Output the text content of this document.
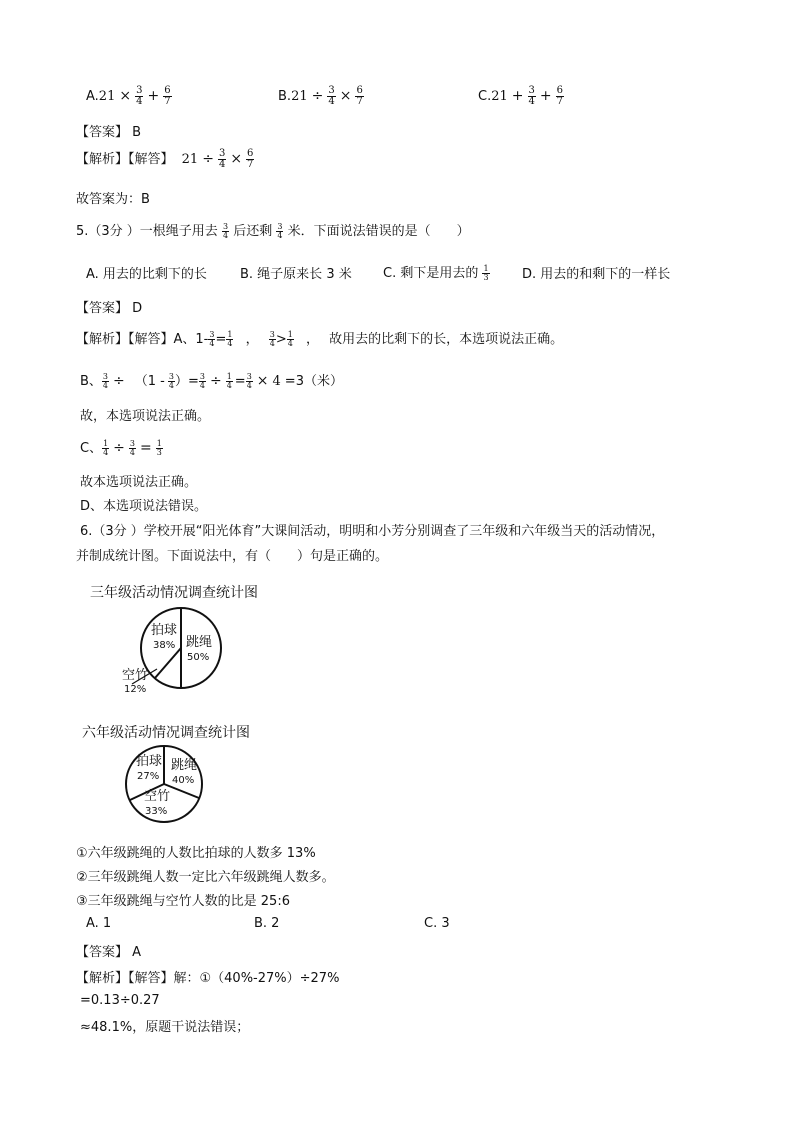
$A.21 \times \frac{3}{4} + \frac{6}{7}$	$B.21 \div \frac{3}{4} \times \frac{6}{7}$	$C.21 + \frac{3}{4} + \frac{6}{7}$
【答案】 B
【解析】【解答】 $21 \div \frac{3}{4} \times \frac{6}{7}$
故答案为：B
5.（3分 ）一根绳子用去 $\frac{3}{4}$ 后还剩 $\frac{3}{4}$ 米．下面说法错误的是（　　）
A. 用去的比剩下的长	B. 绳子原来长 3 米 C. 剩下是用去的 $\frac{1}{3} D$. 用去的和剩下的一样长
【答案】 D
【解析】【解答】A、$1- \frac{3}{4} = \frac{1}{4}$ ， $\frac{3}{4} > \frac{1}{4}$ ， 故用去的比剩下的长，本选项说法正确。
B、 $\frac{3}{4} \div (1 - \frac{3}{4}$ ）= $\frac{3}{4} \div \frac{1}{4} = \frac{3}{4} \times 4 =3$（米）
故，本选项说法正确。
C、 $\frac{1}{4} \div \frac{3}{4} = \frac{1}{3}$
故本选项说法正确。
D、本选项说法错误。
6.（3分 ）学校开展“阳光体育”大课间活动，明明和小芳分别调查了三年级和六年级当天的活动情况，
并制成统计图。下面说法中，有（　　）句是正确的。
三年级活动情况调查统计图
跳绳
50%
拍球
38%
空竹
12%
六年级活动情况调查统计图
跳绳
40%
拍球
27%
空竹
33%
①六年级跳绳的人数比拍球的人数多 13%
②三年级跳绳人数一定比六年级跳绳人数多。
③三年级跳绳与空竹人数的比是 25:6
A. 1	B. 2	C. 3
【答案】 A
【解析】【解答】解：①（40%-27%）÷27%
=0.13÷0.27
≈48.1%，原题干说法错误；
